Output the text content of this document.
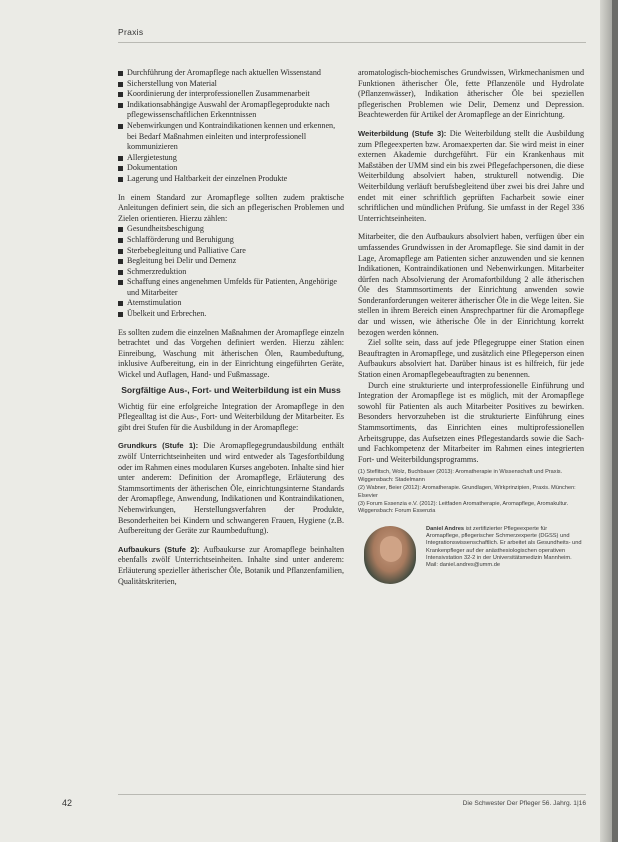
Praxis
Durchführung der Aromapflege nach aktuellen Wissenstand
Sicherstellung von Material
Koordinierung der interprofessionellen Zusammenarbeit
Indikationsabhängige Auswahl der Aromapflegeprodukte nach pflegewissenschaftlichen Erkenntnissen
Nebenwirkungen und Kontraindikationen kennen und erkennen, bei Bedarf Maßnahmen einleiten und interprofessionell kommunizieren
Allergietestung
Dokumentation
Lagerung und Haltbarkeit der einzelnen Produkte

In einem Standard zur Aromapflege sollten zudem praktische Anleitungen definiert sein, die sich an pflegerischen Problemen und Zielen orientieren. Hierzu zählen:

Gesundheitsbeschigung
Schlafförderung und Beruhigung
Sterbebegleitung und Palliative Care
Begleitung bei Delir und Demenz
Schmerzreduktion
Schaffung eines angenehmen Umfelds für Patienten, Angehörige und Mitarbeiter
Atemstimulation
Übelkeit und Erbrechen.

Es sollten zudem die einzelnen Maßnahmen der Aromapflege einzeln betrachtet und das Vorgehen definiert werden. Hierzu zählen: Einreibung, Waschung mit ätherischen Ölen, Raumbeduftung, inklusive Aufbereitung, ein in der Einrichtung eingeführten Geräte, Wickel und Auflagen, Hand- und Fußmassage.

Sorgfältige Aus-, Fort- und Weiterbildung ist ein Muss

Wichtig für eine erfolgreiche Integration der Aromapflege in den Pflegealltag ist die Aus-, Fort- und Weiterbildung der Mitarbeiter. Es gibt drei Stufen für die Ausbildung in der Aromapflege:

Grundkurs (Stufe 1): Die Aromapflegegrundausbildung enthält zwölf Unterrichtseinheiten und wird entweder als Tagesfortbildung oder im Rahmen eines modularen Kurses angeboten. Inhalte sind hier unter anderem: Definition der Aromapflege, Erläuterung des Stammsortiments der ätherischen Öle, einrichtungsinterne Standards der Aromapflege, Anwendung, Indikationen und Kontraindikationen, Nebenwirkungen, Herstellungsverfahren der Produkte, Besonderheiten bei Kindern und schwangeren Frauen, Hygiene (z.B. Aufbereitung der Geräte zur Raumbeduftung).

Aufbaukurs (Stufe 2): Aufbaukurse zur Aromapflege beinhalten ebenfalls zwölf Unterrichtseinheiten. Inhalte sind unter anderem: Erläuterung spezieller ätherischer Öle, Botanik und Pflanzenfamilien, Qualitätskriterien,

aromatologisch-biochemisches Grundwissen, Wirkmechanismen und Funktionen ätherischer Öle, fette Pflanzenöle und Hydrolate (Pflanzenwässer), Indikation ätherischer Öle bei speziellen pflegerischen Problemen wie Delir, Demenz und Depression. Beachtewerden für Artikel der Aromapflege an der Einrichtung.

Weiterbildung (Stufe 3): Die Weiterbildung stellt die Ausbildung zum Pflegeexperten bzw. Aromaexperten dar. Sie wird meist in einer externen Akademie durchgeführt. Für ein Krankenhaus mit Maßstäben der UMM sind ein bis zwei Pflegefachpersonen, die diese Weiterbildung absolviert haben, strukturell notwendig. Die Weiterbildung verläuft berufsbegleitend über zwei bis drei Jahre und endet mit einer schriftlich geprüften Facharbeit sowie einer schriftlichen und mündlichen Prüfung. Sie umfasst in der Regel 336 Unterrichtseinheiten.

Mitarbeiter, die den Aufbaukurs absolviert haben, verfügen über ein umfassendes Grundwissen in der Aromapflege. Sie sind damit in der Lage, Aromapflege am Patienten sicher anzuwenden und sie kennen Indikationen, Kontraindikationen und Nebenwirkungen. Mitarbeiter dürfen nach Absolvierung der Aromafortbildung 2 alle ätherischen Öle des Stammsortiments der Einrichtung anwenden sowie Sonderanforderungen weiterer ätherischer Öle in die Wege leiten. Sie stellen in ihrem Bereich einen Ansprechpartner für die Aromapflege dar und wissen, wie ätherische Öle in der Einrichtung korrekt bezogen werden können.

Ziel sollte sein, dass auf jede Pflegegruppe einer Station einen Beauftragten in Aromapflege, und zusätzlich eine Pflegeperson einen Aufbaukurs absolviert hat. Darüber hinaus ist es hilfreich, für jede Station einen Aromapflegebeauftragten zu benennen.

Durch eine strukturierte und interprofessionelle Einführung und Integration der Aromapflege ist es möglich, mit der Aromapflege sowohl für Patienten als auch Mitarbeiter Positives zu bewirken. Besonders hervorzuheben ist die strukturierte Einführung eines Stammsortiments, das Einrichten eines multiprofessionellen Arbeitsgruppe, das Aufsetzen eines Pflegestandards sowie die Sach- und Fachkompetenz der Mitarbeiter im Rahmen eines integrierten Fort- und Weiterbildungsprogramms.

(1) Steflitsch, Wolz, Buchbauer (2013): Aromatherapie in Wissenschaft und Praxis. Wiggensbach: Stadelmann
(2) Wabner, Beier (2012): Aromatherapie. Grundlagen, Wirkprinzipien, Praxis. München: Elsevier
(3) Forum Essenzia e.V. (2012): Leitfaden Aromatherapie, Aromapflege, Aromakultur. Wiggensbach: Forum Essenzia
Daniel Andres ist zertifizierter Pflegeexperte für Aromapflege, pflegerischer Schmerzexperte (DGSS) und Integrationswissenschaftlich. Er arbeitet als Gesundheits- und Krankenpfleger auf der anästhesiologischen operativen Intensivstation 32-2 in der Universitätsmedizin Mannheim. Mail: daniel.andres@umm.de
42	Die Schwester Der Pfleger 56. Jahrg. 1|16
